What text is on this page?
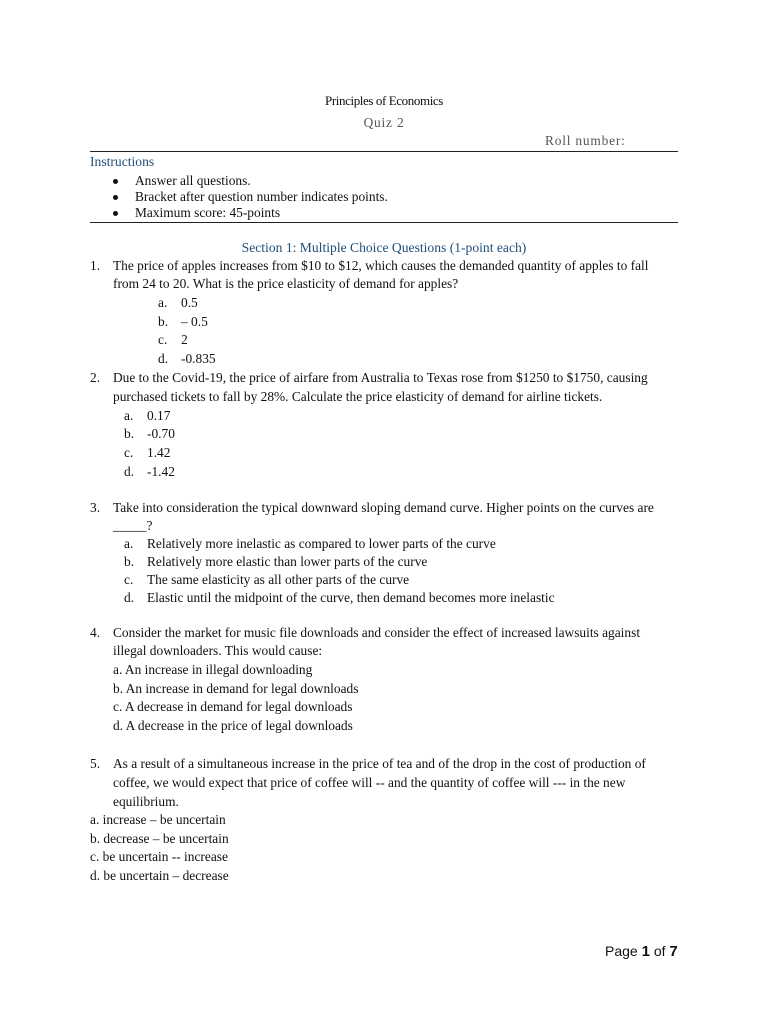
Principles of Economics
Quiz 2
Roll number:
Instructions
Answer all questions.
Bracket after question number indicates points.
Maximum score: 45-points
Section 1: Multiple Choice Questions (1-point each)
1. The price of apples increases from $10 to $12, which causes the demanded quantity of apples to fall
from 24 to 20. What is the price elasticity of demand for apples?
a. 0.5
b. – 0.5
c. 2
d. -0.835
2. Due to the Covid-19, the price of airfare from Australia to Texas rose from $1250 to $1750, causing
purchased tickets to fall by 28%. Calculate the price elasticity of demand for airline tickets.
a. 0.17
b. -0.70
c. 1.42
d. -1.42
3. Take into consideration the typical downward sloping demand curve. Higher points on the curves are
_____?
a. Relatively more inelastic as compared to lower parts of the curve
b. Relatively more elastic than lower parts of the curve
c. The same elasticity as all other parts of the curve
d. Elastic until the midpoint of the curve, then demand becomes more inelastic
4. Consider the market for music file downloads and consider the effect of increased lawsuits against
illegal downloaders. This would cause:
a. An increase in illegal downloading
b. An increase in demand for legal downloads
c. A decrease in demand for legal downloads
d. A decrease in the price of legal downloads
5. As a result of a simultaneous increase in the price of tea and of the drop in the cost of production of
coffee, we would expect that price of coffee will -- and the quantity of coffee will --- in the new
equilibrium.
a. increase – be uncertain
b. decrease – be uncertain
c. be uncertain -- increase
d. be uncertain – decrease
Page 1 of 7
